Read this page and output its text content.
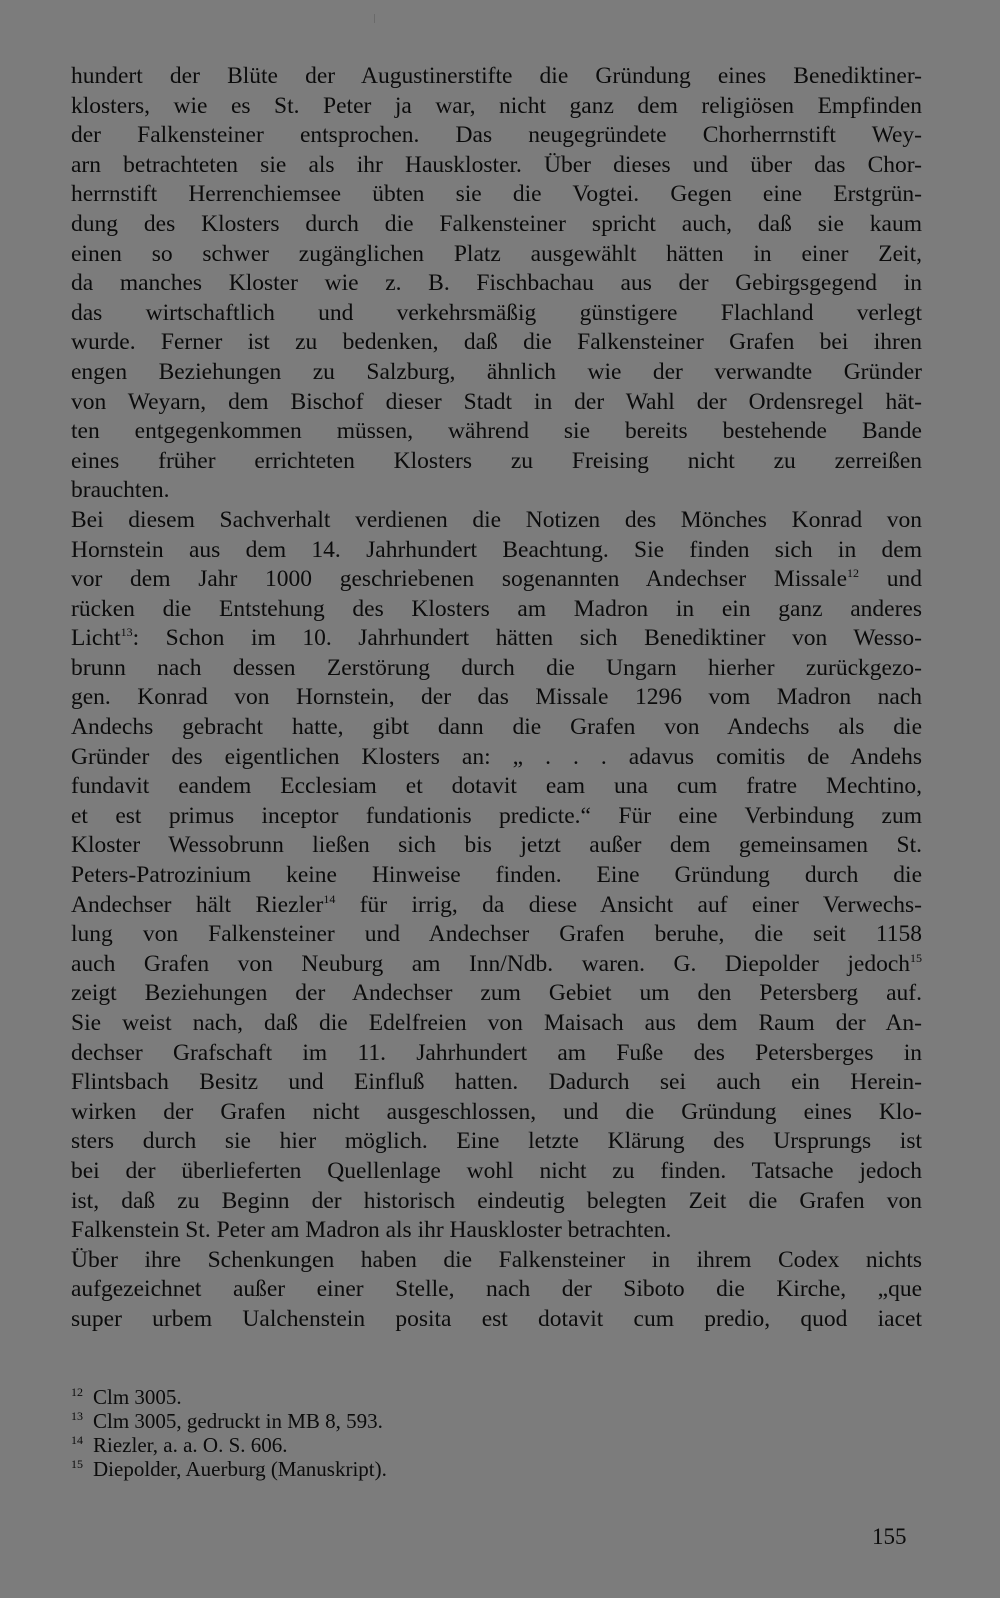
hundert der Blüte der Augustinerstifte die Gründung eines Benediktiner-
klosters, wie es St. Peter ja war, nicht ganz dem religiösen Empfinden
der Falkensteiner entsprochen. Das neugegründete Chorherrnstift Wey-
arn betrachteten sie als ihr Hauskloster. Über dieses und über das Chor-
herrnstift Herrenchiemsee übten sie die Vogtei. Gegen eine Erstgrün-
dung des Klosters durch die Falkensteiner spricht auch, daß sie kaum
einen so schwer zugänglichen Platz ausgewählt hätten in einer Zeit,
da manches Kloster wie z. B. Fischbachau aus der Gebirgsgegend in
das wirtschaftlich und verkehrsmäßig günstigere Flachland verlegt
wurde. Ferner ist zu bedenken, daß die Falkensteiner Grafen bei ihren
engen Beziehungen zu Salzburg, ähnlich wie der verwandte Gründer
von Weyarn, dem Bischof dieser Stadt in der Wahl der Ordensregel hät-
ten entgegenkommen müssen, während sie bereits bestehende Bande
eines früher errichteten Klosters zu Freising nicht zu zerreißen
brauchten.
Bei diesem Sachverhalt verdienen die Notizen des Mönches Konrad von
Hornstein aus dem 14. Jahrhundert Beachtung. Sie finden sich in dem
vor dem Jahr 1000 geschriebenen sogenannten Andechser Missale$^{12}$ und
rücken die Entstehung des Klosters am Madron in ein ganz anderes
Licht$^{13}$: Schon im 10. Jahrhundert hätten sich Benediktiner von Wesso-
brunn nach dessen Zerstörung durch die Ungarn hierher zurückgezo-
gen. Konrad von Hornstein, der das Missale 1296 vom Madron nach
Andechs gebracht hatte, gibt dann die Grafen von Andechs als die
Gründer des eigentlichen Klosters an: „ . . . adavus comitis de Andehs
fundavit eandem Ecclesiam et dotavit eam una cum fratre Mechtino,
et est primus inceptor fundationis predicte.“ Für eine Verbindung zum
Kloster Wessobrunn ließen sich bis jetzt außer dem gemeinsamen St.
Peters-Patrozinium keine Hinweise finden. Eine Gründung durch die
Andechser hält Riezler$^{14}$ für irrig, da diese Ansicht auf einer Verwechs-
lung von Falkensteiner und Andechser Grafen beruhe, die seit 1158
auch Grafen von Neuburg am Inn/Ndb. waren. G. Diepolder jedoch$^{15}$
zeigt Beziehungen der Andechser zum Gebiet um den Petersberg auf.
Sie weist nach, daß die Edelfreien von Maisach aus dem Raum der An-
dechser Grafschaft im 11. Jahrhundert am Fuße des Petersberges in
Flintsbach Besitz und Einfluß hatten. Dadurch sei auch ein Herein-
wirken der Grafen nicht ausgeschlossen, und die Gründung eines Klo-
sters durch sie hier möglich. Eine letzte Klärung des Ursprungs ist
bei der überlieferten Quellenlage wohl nicht zu finden. Tatsache jedoch
ist, daß zu Beginn der historisch eindeutig belegten Zeit die Grafen von
Falkenstein St. Peter am Madron als ihr Hauskloster betrachten.
Über ihre Schenkungen haben die Falkensteiner in ihrem Codex nichts
aufgezeichnet außer einer Stelle, nach der Siboto die Kirche, „que
super urbem Ualchenstein posita est dotavit cum predio, quod iacet
12 Clm 3005.
13 Clm 3005, gedruckt in MB 8, 593.
14 Riezler, a. a. O. S. 606.
15 Diepolder, Auerburg (Manuskript).
155
